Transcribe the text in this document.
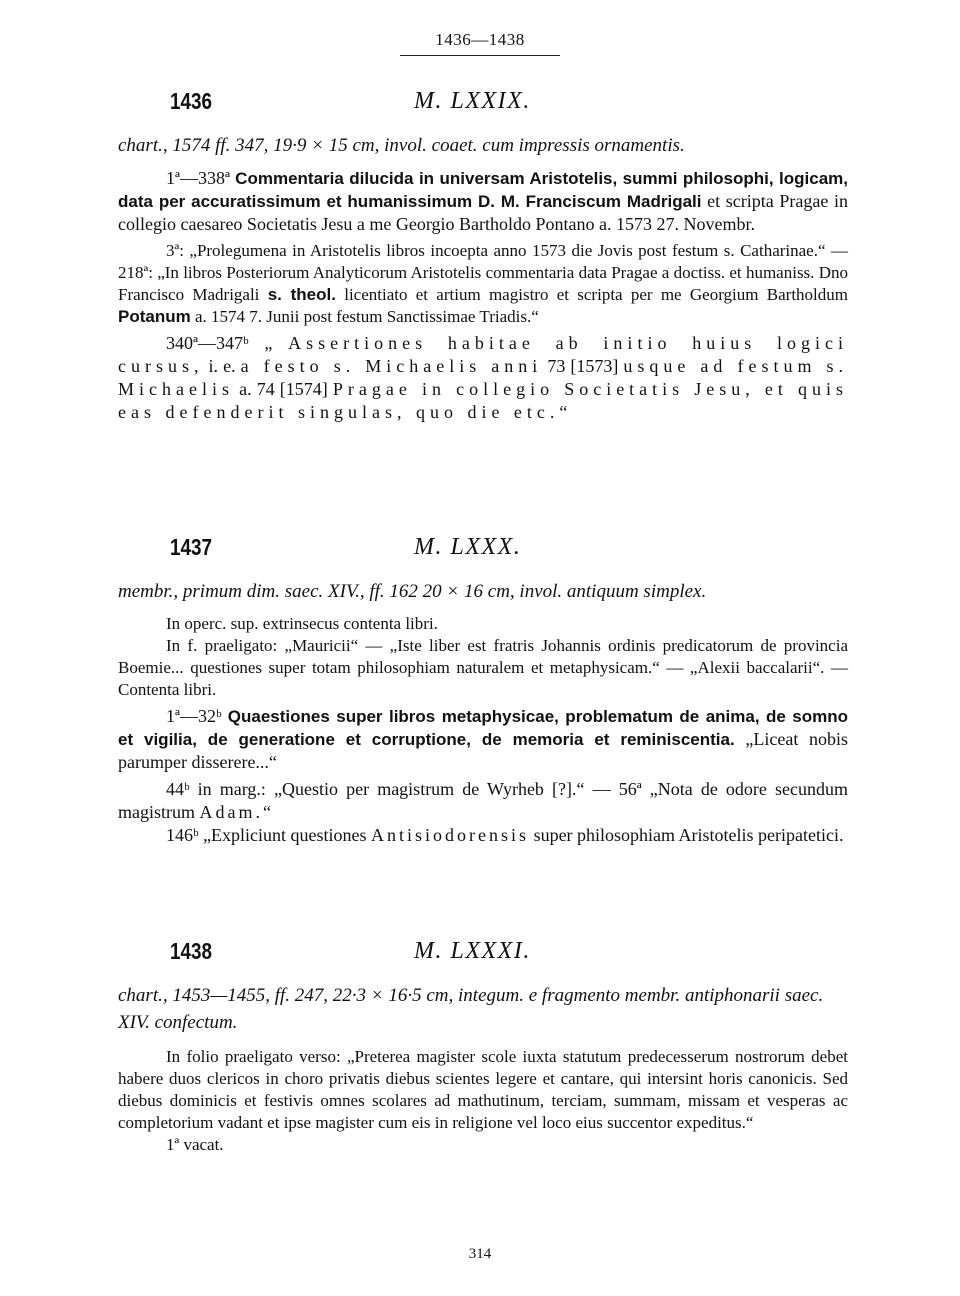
1436—1438
1436	M. LXXIX.
chart., 1574 ff. 347, 19·9 × 15 cm, invol. coaet. cum impressis ornamentis.

1ª—338ª Commentaria dilucida in universam Aristotelis, summi philosophi, logicam, data per accuratissimum et humanissimum D. M. Franciscum Madrigali et scripta Pragae in collegio caesareo Societatis Jesu a me Georgio Bartholdo Pontano a. 1573 27. Novembr.

3ª: „Prolegumena in Aristotelis libros incoepta anno 1573 die Jovis post festum s. Catharinae.“ — 218ª: „In libros Posteriorum Analyticorum Aristotelis commentaria data Pragae a doctiss. et humaniss. Dno Francisco Madrigali s. theol. licentiato et artium magistro et scripta per me Georgium Bartholdum Potanum a. 1574 7. Junii post festum Sanctissimae Triadis.“

340ª—347ᵇ „ Assertiones habitae ab initio huius logici cursus, i. e. a festo s. Michaelis anni 73 [1573] usque ad festum s. Michaelis a. 74 [1574] Pragae in collegio Societatis Jesu, et quis eas defenderit singulas, quo die etc.“

1437	M. LXXX.
membr., primum dim. saec. XIV., ff. 162 20 × 16 cm, invol. antiquum simplex.

In operc. sup. extrinsecus contenta libri.

In f. praeligato: „Mauricii“ — „Iste liber est fratris Johannis ordinis predicatorum de provincia Boemie... questiones super totam philosophiam naturalem et metaphysicam.“ — „Alexii baccalarii“. — Contenta libri.

1ª—32ᵇ Quaestiones super libros metaphysicae, problematum de anima, de somno et vigilia, de generatione et corruptione, de memoria et reminiscentia. „Liceat nobis parumper disserere...“

44ᵇ in marg.: „Questio per magistrum de Wyrheb [?].“ — 56ª „Nota de odore secundum magistrum Adam.“

146ᵇ „Expliciunt questiones Antisiodorensis super philosophiam Aristotelis peripatetici.

1438	M. LXXXI.
chart., 1453—1455, ff. 247, 22·3 × 16·5 cm, integum. e fragmento membr. antiphonarii saec. XIV. confectum.

In folio praeligato verso: „Preterea magister scole iuxta statutum predecesserum nostrorum debet habere duos clericos in choro privatis diebus scientes legere et cantare, qui intersint horis canonicis. Sed diebus dominicis et festivis omnes scolares ad mathutinum, terciam, summam, missam et vesperas ac completorium vadant et ipse magister cum eis in religione vel loco eius succentor expeditus.“

1ª vacat.

314
